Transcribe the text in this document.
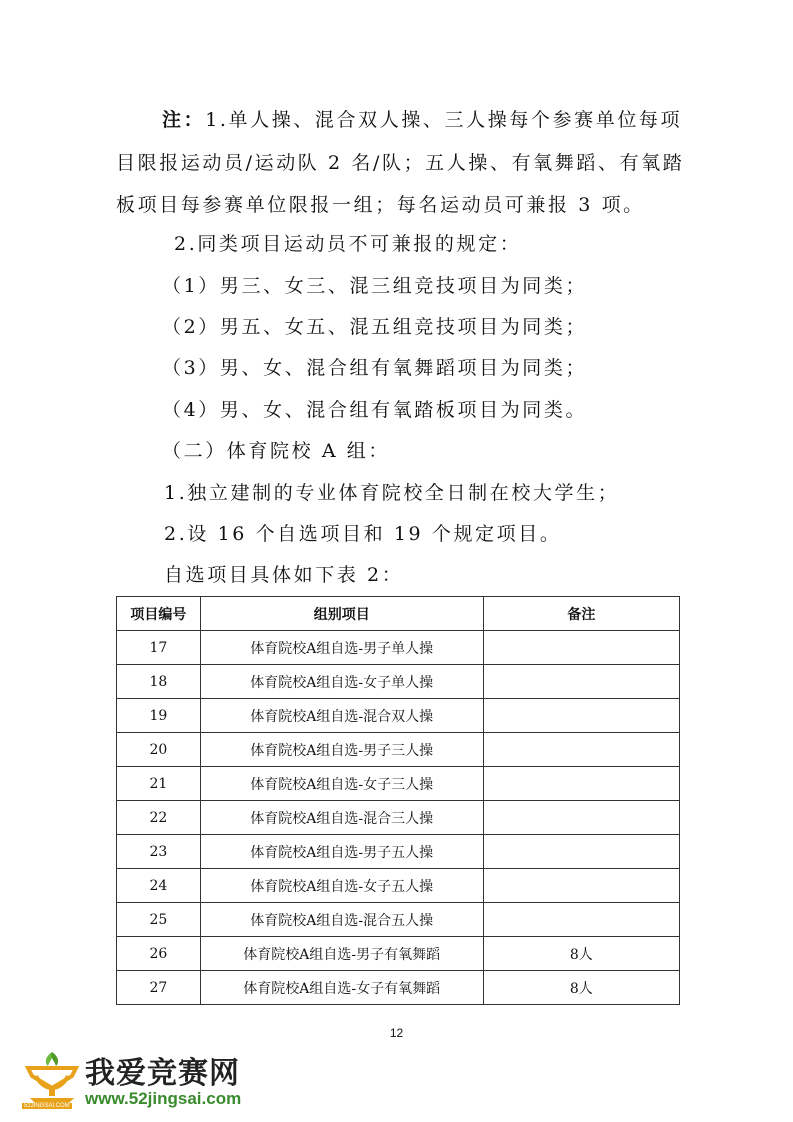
注：1.单人操、混合双人操、三人操每个参赛单位每项
目限报运动员/运动队 2 名/队；五人操、有氧舞蹈、有氧踏
板项目每参赛单位限报一组；每名运动员可兼报 3 项。
2.同类项目运动员不可兼报的规定：
（1）男三、女三、混三组竞技项目为同类；
（2）男五、女五、混五组竞技项目为同类；
（3）男、女、混合组有氧舞蹈项目为同类；
（4）男、女、混合组有氧踏板项目为同类。
（二）体育院校 A 组：
1.独立建制的专业体育院校全日制在校大学生；
2.设 16 个自选项目和 19 个规定项目。
自选项目具体如下表 2：
项目编号	组别项目	备注
17	体育院校A组自选-男子单人操	
18	体育院校A组自选-女子单人操	
19	体育院校A组自选-混合双人操	
20	体育院校A组自选-男子三人操	
21	体育院校A组自选-女子三人操	
22	体育院校A组自选-混合三人操	
23	体育院校A组自选-男子五人操	
24	体育院校A组自选-女子五人操	
25	体育院校A组自选-混合五人操	
26	体育院校A组自选-男子有氧舞蹈	8人
27	体育院校A组自选-女子有氧舞蹈	8人
12
52JINGSAI.COM
我爱竞赛网
www.52jingsai.com
